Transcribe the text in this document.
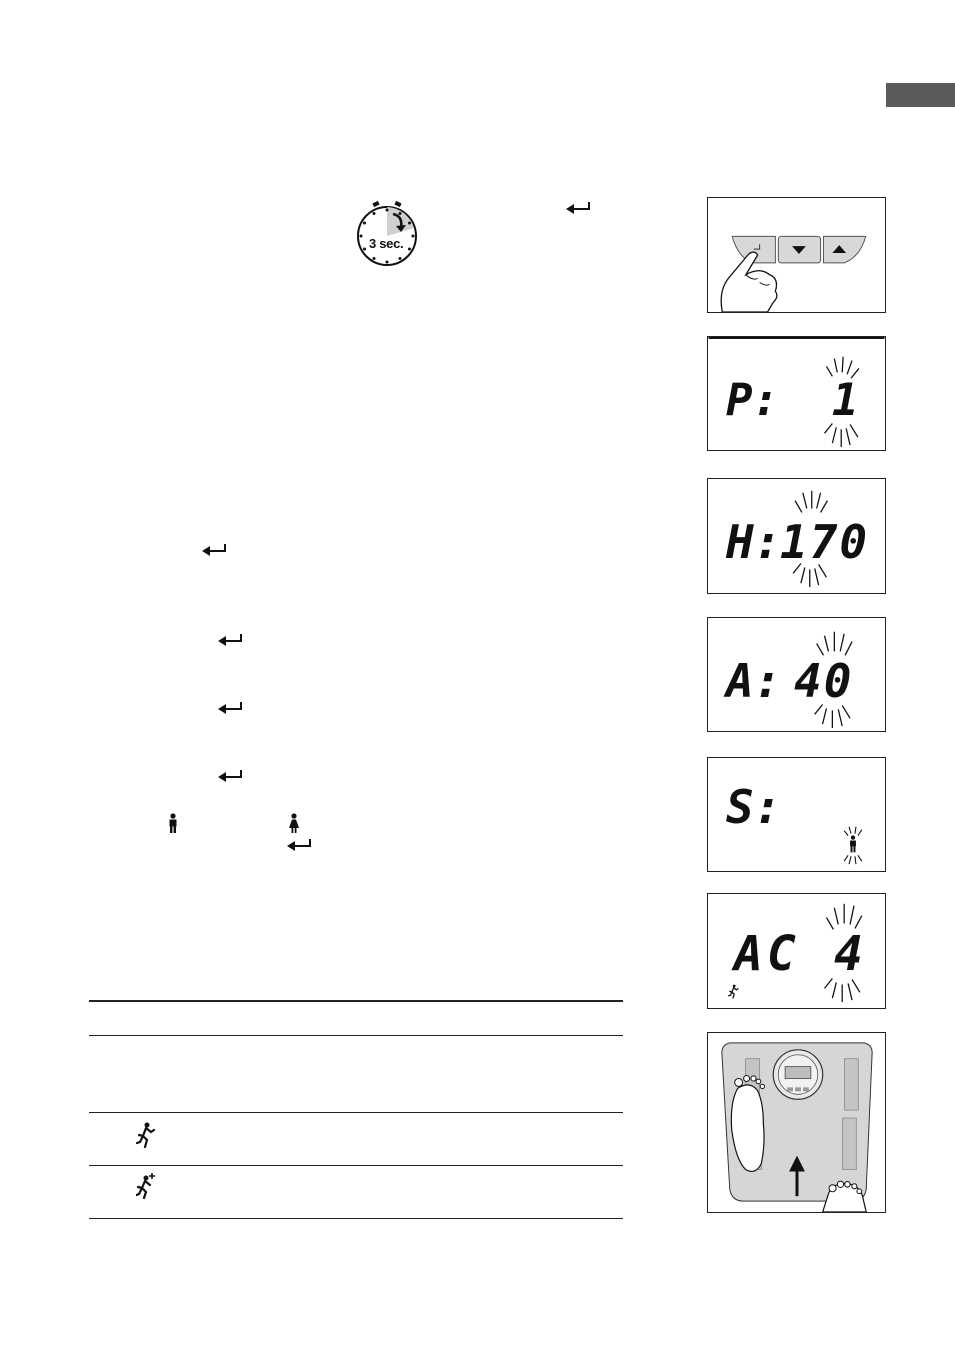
3 sec.
P: 1
H:
170
A: 40
S:
AC 4
